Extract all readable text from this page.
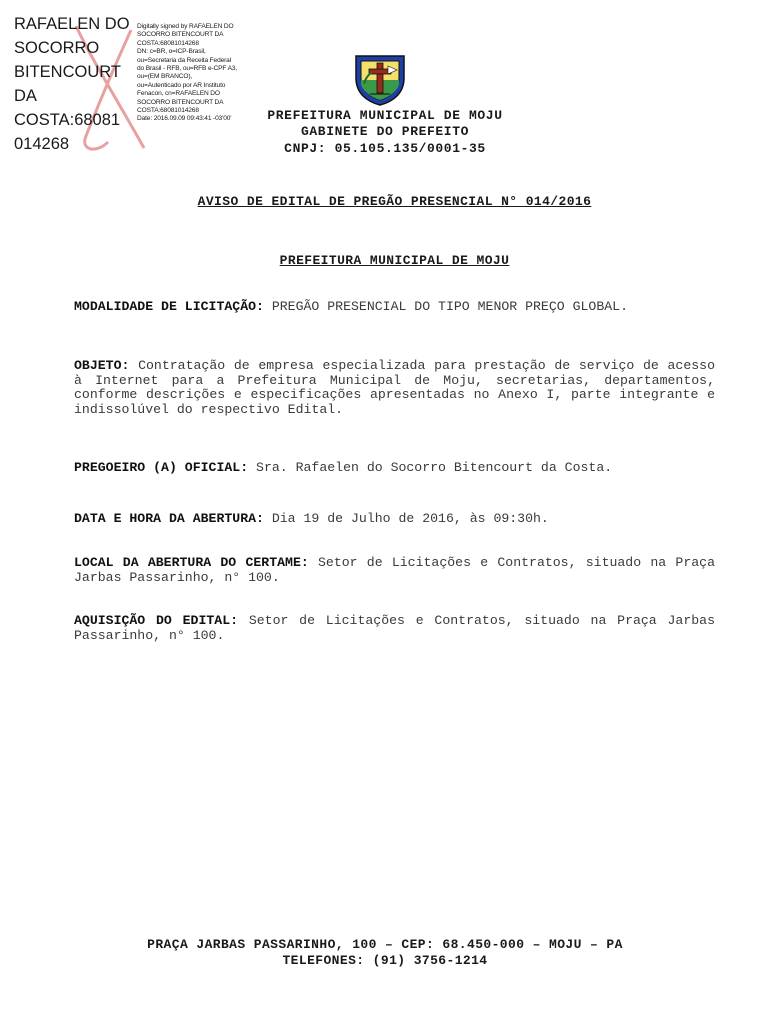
RAFAELEN DO
SOCORRO
BITENCOURT
DA
COSTA:68081
014268
Digitally signed by RAFAELEN DO
SOCORRO BITENCOURT DA
COSTA:68081014268
DN: c=BR, o=ICP-Brasil,
ou=Secretaria da Receita Federal
do Brasil - RFB, ou=RFB e-CPF A3,
ou=(EM BRANCO),
ou=Autenticado por AR Instituto
Fenacon, cn=RAFAELEN DO
SOCORRO BITENCOURT DA
COSTA:68081014268
Date: 2016.09.09 09:43:41 -03'00'	PREFEITURA MUNICIPAL DE MOJU
GABINETE DO PREFEITO
CNPJ: 05.105.135/0001-35
AVISO DE EDITAL DE PREGÃO PRESENCIAL N° 014/2016
PREFEITURA MUNICIPAL DE MOJU
MODALIDADE DE LICITAÇÃO: PREGÃO PRESENCIAL DO TIPO MENOR PREÇO GLOBAL.
OBJETO: Contratação de empresa especializada para prestação de serviço de acesso à Internet para a Prefeitura Municipal de Moju, secretarias, departamentos, conforme descrições e especificações apresentadas no Anexo I, parte integrante e indissolúvel do respectivo Edital.
PREGOEIRO (A) OFICIAL: Sra. Rafaelen do Socorro Bitencourt da Costa.
DATA E HORA DA ABERTURA: Dia 19 de Julho de 2016, às 09:30h.
LOCAL DA ABERTURA DO CERTAME: Setor de Licitações e Contratos, situado na Praça Jarbas Passarinho, n° 100.
AQUISIÇÃO DO EDITAL: Setor de Licitações e Contratos, situado na Praça Jarbas Passarinho, n° 100.
PRAÇA JARBAS PASSARINHO, 100 – CEP: 68.450-000 – MOJU – PA
TELEFONES: (91) 3756-1214
